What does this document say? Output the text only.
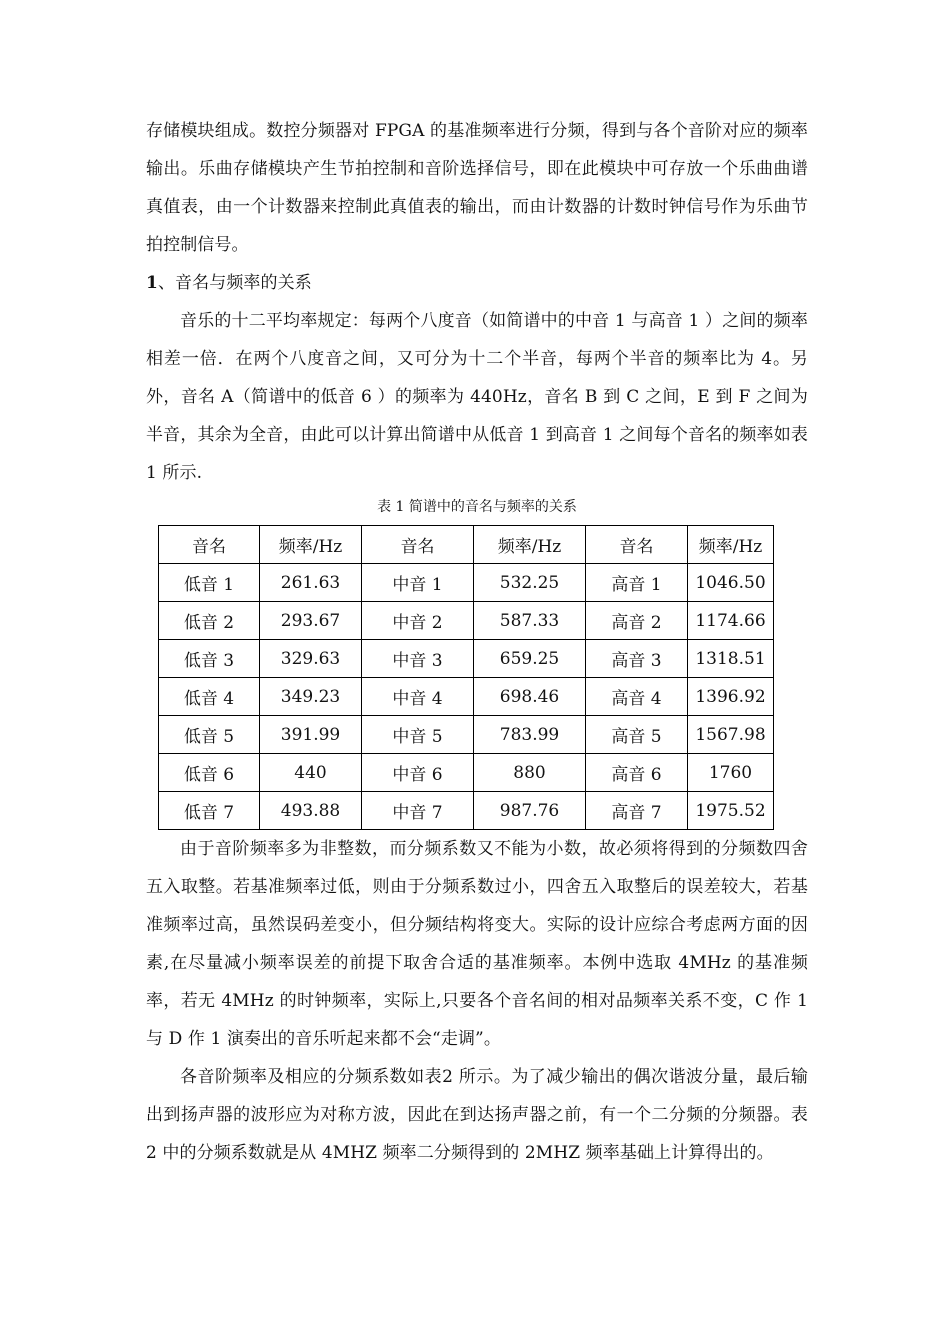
存储模块组成。数控分频器对 FPGA 的基准频率进行分频，得到与各个音阶对应的频率输出。乐曲存储模块产生节拍控制和音阶选择信号，即在此模块中可存放一个乐曲曲谱真值表，由一个计数器来控制此真值表的输出，而由计数器的计数时钟信号作为乐曲节拍控制信号。

1、音名与频率的关系

音乐的十二平均率规定：每两个八度音（如简谱中的中音 1 与高音 1 ）之间的频率相差一倍．在两个八度音之间，又可分为十二个半音，每两个半音的频率比为 4。另外，音名 A（简谱中的低音 6 ）的频率为 440Hz，音名 B 到 C 之间，E 到 F 之间为半音，其余为全音，由此可以计算出简谱中从低音 1 到高音 1 之间每个音名的频率如表 1 所示.

表 1 简谱中的音名与频率的关系
音名	频率/Hz	音名	频率/Hz	音名	频率/Hz
低音 1	261.63	中音 1	532.25	高音 1	1046.50
低音 2	293.67	中音 2	587.33	高音 2	1174.66
低音 3	329.63	中音 3	659.25	高音 3	1318.51
低音 4	349.23	中音 4	698.46	高音 4	1396.92
低音 5	391.99	中音 5	783.99	高音 5	1567.98
低音 6	440	中音 6	880	高音 6	1760
低音 7	493.88	中音 7	987.76	高音 7	1975.52

由于音阶频率多为非整数，而分频系数又不能为小数，故必须将得到的分频数四舍五入取整。若基准频率过低，则由于分频系数过小，四舍五入取整后的误差较大，若基准频率过高，虽然误码差变小，但分频结构将变大。实际的设计应综合考虑两方面的因素,在尽量减小频率误差的前提下取舍合适的基准频率。本例中选取 4MHz 的基准频率，若无 4MHz 的时钟频率，实际上,只要各个音名间的相对品频率关系不变，C 作 1 与 D 作 1 演奏出的音乐听起来都不会“走调”。

各音阶频率及相应的分频系数如表2 所示。为了减少输出的偶次谐波分量，最后输出到扬声器的波形应为对称方波，因此在到达扬声器之前，有一个二分频的分频器。表 2 中的分频系数就是从 4MHZ 频率二分频得到的 2MHZ 频率基础上计算得出的。
